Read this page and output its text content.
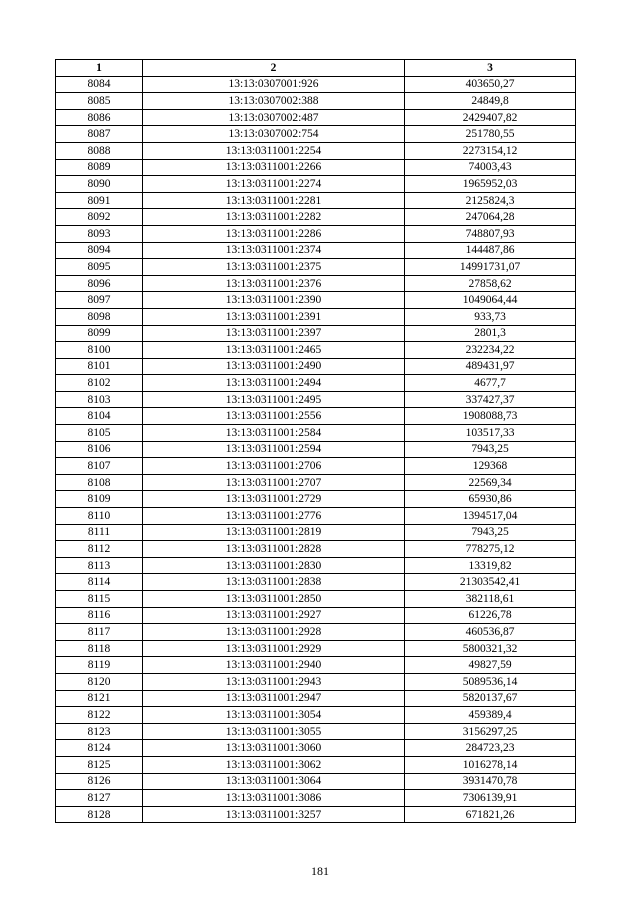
1	2	3
8084	13:13:0307001:926	403650,27
8085	13:13:0307002:388	24849,8
8086	13:13:0307002:487	2429407,82
8087	13:13:0307002:754	251780,55
8088	13:13:0311001:2254	2273154,12
8089	13:13:0311001:2266	74003,43
8090	13:13:0311001:2274	1965952,03
8091	13:13:0311001:2281	2125824,3
8092	13:13:0311001:2282	247064,28
8093	13:13:0311001:2286	748807,93
8094	13:13:0311001:2374	144487,86
8095	13:13:0311001:2375	14991731,07
8096	13:13:0311001:2376	27858,62
8097	13:13:0311001:2390	1049064,44
8098	13:13:0311001:2391	933,73
8099	13:13:0311001:2397	2801,3
8100	13:13:0311001:2465	232234,22
8101	13:13:0311001:2490	489431,97
8102	13:13:0311001:2494	4677,7
8103	13:13:0311001:2495	337427,37
8104	13:13:0311001:2556	1908088,73
8105	13:13:0311001:2584	103517,33
8106	13:13:0311001:2594	7943,25
8107	13:13:0311001:2706	129368
8108	13:13:0311001:2707	22569,34
8109	13:13:0311001:2729	65930,86
8110	13:13:0311001:2776	1394517,04
8111	13:13:0311001:2819	7943,25
8112	13:13:0311001:2828	778275,12
8113	13:13:0311001:2830	13319,82
8114	13:13:0311001:2838	21303542,41
8115	13:13:0311001:2850	382118,61
8116	13:13:0311001:2927	61226,78
8117	13:13:0311001:2928	460536,87
8118	13:13:0311001:2929	5800321,32
8119	13:13:0311001:2940	49827,59
8120	13:13:0311001:2943	5089536,14
8121	13:13:0311001:2947	5820137,67
8122	13:13:0311001:3054	459389,4
8123	13:13:0311001:3055	3156297,25
8124	13:13:0311001:3060	284723,23
8125	13:13:0311001:3062	1016278,14
8126	13:13:0311001:3064	3931470,78
8127	13:13:0311001:3086	7306139,91
8128	13:13:0311001:3257	671821,26
181
